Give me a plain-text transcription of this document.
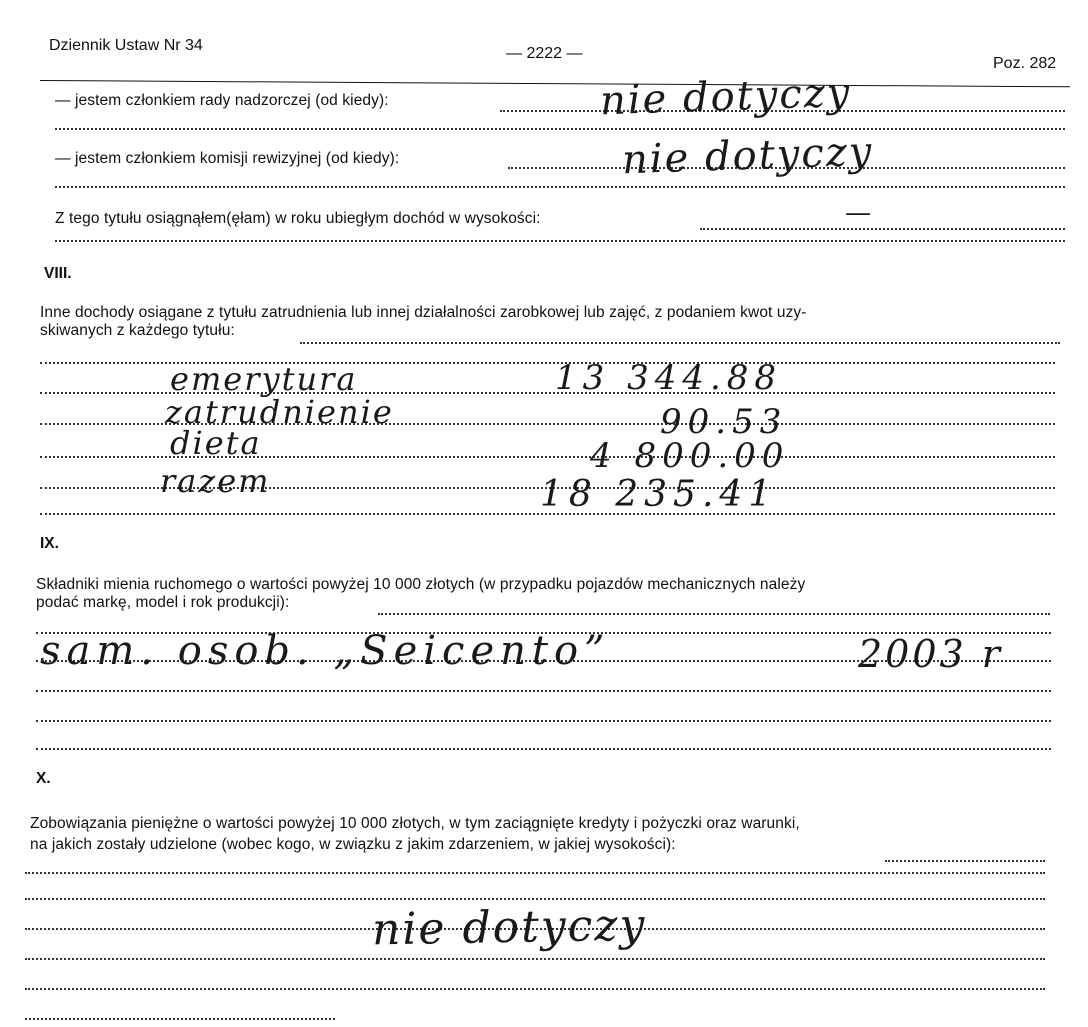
Dziennik Ustaw Nr 34	— 2222 —
Poz. 282
— jestem członkiem rady nadzorczej (od kiedy):	nie dotyczy
— jestem członkiem komisji rewizyjnej (od kiedy):	nie dotyczy
Z tego tytułu osiągnąłem(ęłam) w roku ubiegłym dochód w wysokości:	—
VIII.
Inne dochody osiągane z tytułu zatrudnienia lub innej działalności zarobkowej lub zajęć, z podaniem kwot uzy-
skiwanych z każdego tytułu:
emerytura	13 344.88
zatrudnienie	90.53
dieta	4 800.00
razem	18 235.41
IX.
Składniki mienia ruchomego o wartości powyżej 10 000 złotych (w przypadku pojazdów mechanicznych należy
podać markę, model i rok produkcji):
sam. osob. „Seicento”	2003 r
X.
Zobowiązania pieniężne o wartości powyżej 10 000 złotych, w tym zaciągnięte kredyty i pożyczki oraz warunki,
na jakich zostały udzielone (wobec kogo, w związku z jakim zdarzeniem, w jakiej wysokości):
nie dotyczy
